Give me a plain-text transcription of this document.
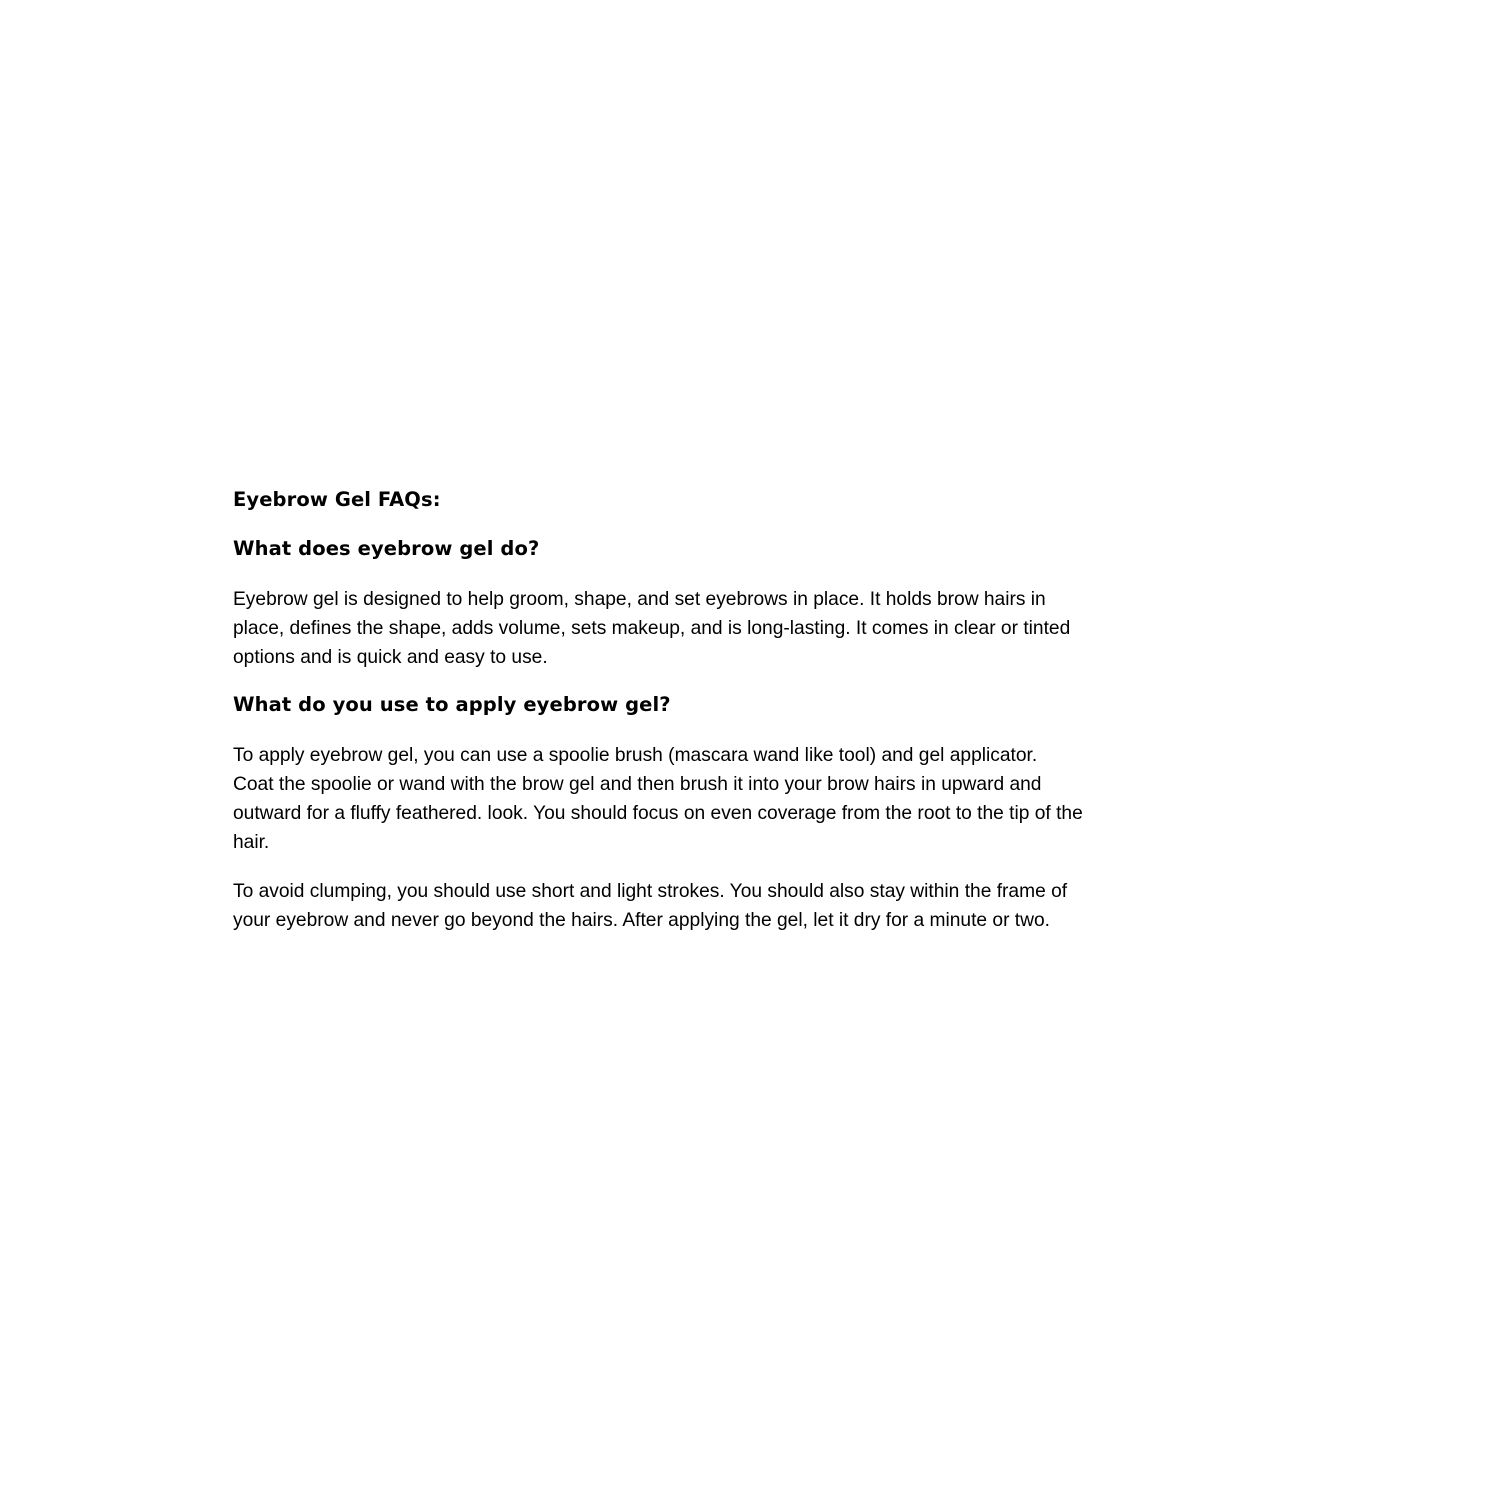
Eyebrow Gel FAQs:
What does eyebrow gel do?

Eyebrow gel is designed to help groom, shape, and set eyebrows in place. It holds brow hairs in
place, defines the shape, adds volume, sets makeup, and is long-lasting. It comes in clear or tinted
options and is quick and easy to use.

What do you use to apply eyebrow gel?

To apply eyebrow gel, you can use a spoolie brush (mascara wand like tool) and gel applicator.
Coat the spoolie or wand with the brow gel and then brush it into your brow hairs in upward and
outward for a fluffy feathered. look. You should focus on even coverage from the root to the tip of the
hair.

To avoid clumping, you should use short and light strokes. You should also stay within the frame of
your eyebrow and never go beyond the hairs. After applying the gel, let it dry for a minute or two.
